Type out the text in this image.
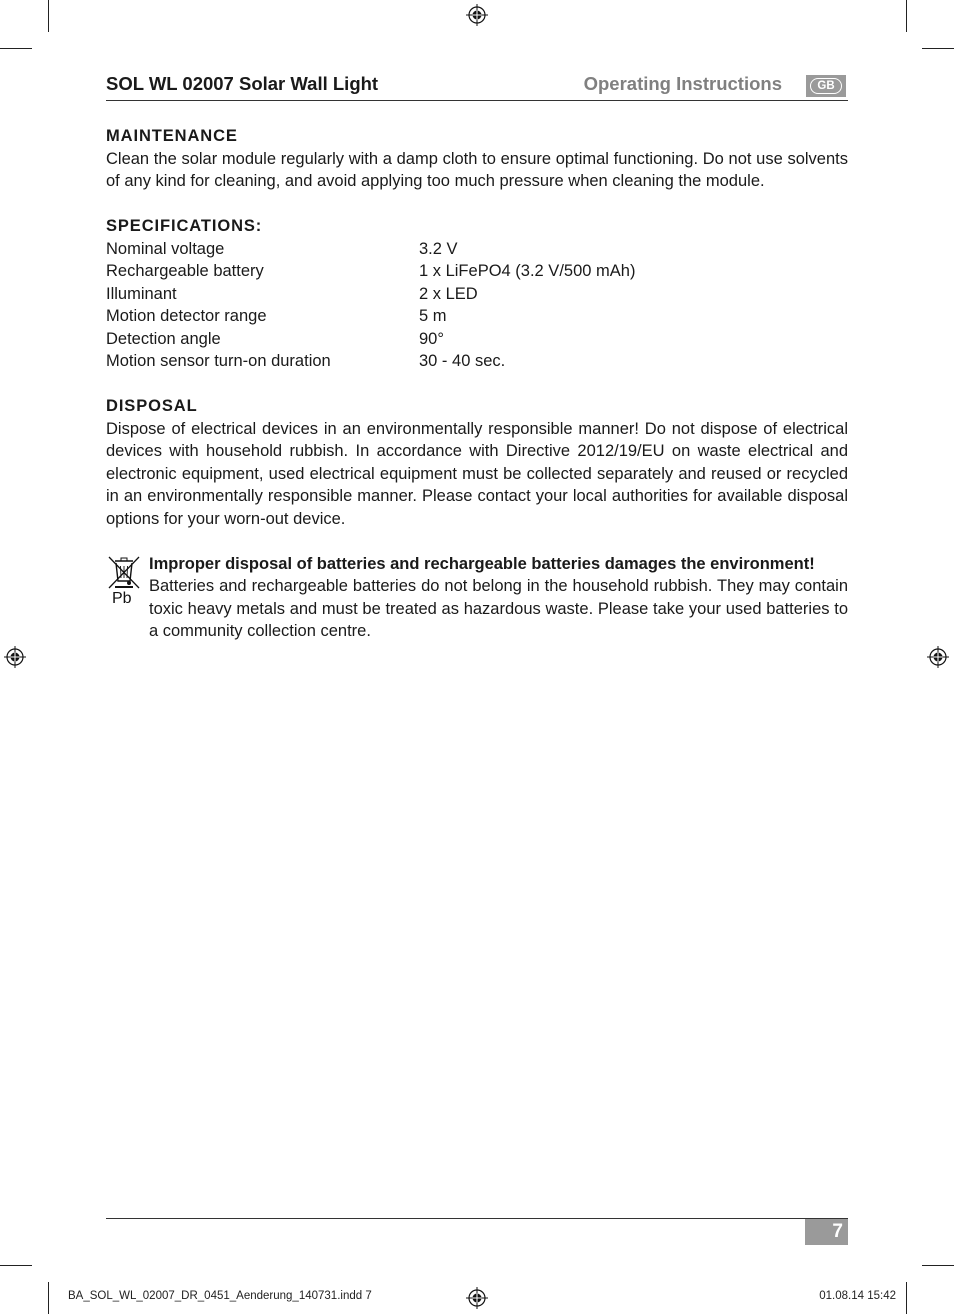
SOL WL 02007 Solar Wall Light	Operating Instructions	GB

MAINTENANCE

Clean the solar module regularly with a damp cloth to ensure optimal functioning. Do not use solvents of any kind for cleaning, and avoid applying too much pressure when cleaning the module.

SPECIFICATIONS:

Nominal voltage	3.2 V
Rechargeable battery	1 x LiFePO4 (3.2 V/500 mAh)
Illuminant	2 x LED
Motion detector range	5 m
Detection angle	90°
Motion sensor turn-on duration	30 - 40 sec.

DISPOSAL

Dispose of electrical devices in an environmentally responsible manner! Do not dispose of electrical devices with household rubbish. In accordance with Directive 2012/19/EU on waste electrical and electronic equipment, used electrical equipment must be collected separately and reused or recycled in an environmentally responsible manner. Please contact your local authorities for available disposal options for your worn-out device.

Pb

Improper disposal of batteries and rechargeable batteries damages the environment!

Batteries and rechargeable batteries do not belong in the household rubbish. They may contain toxic heavy metals and must be treated as hazardous waste. Please take your used batteries to a community collection centre.

7
BA_SOL_WL_02007_DR_0451_Aenderung_140731.indd 7	01.08.14 15:42
